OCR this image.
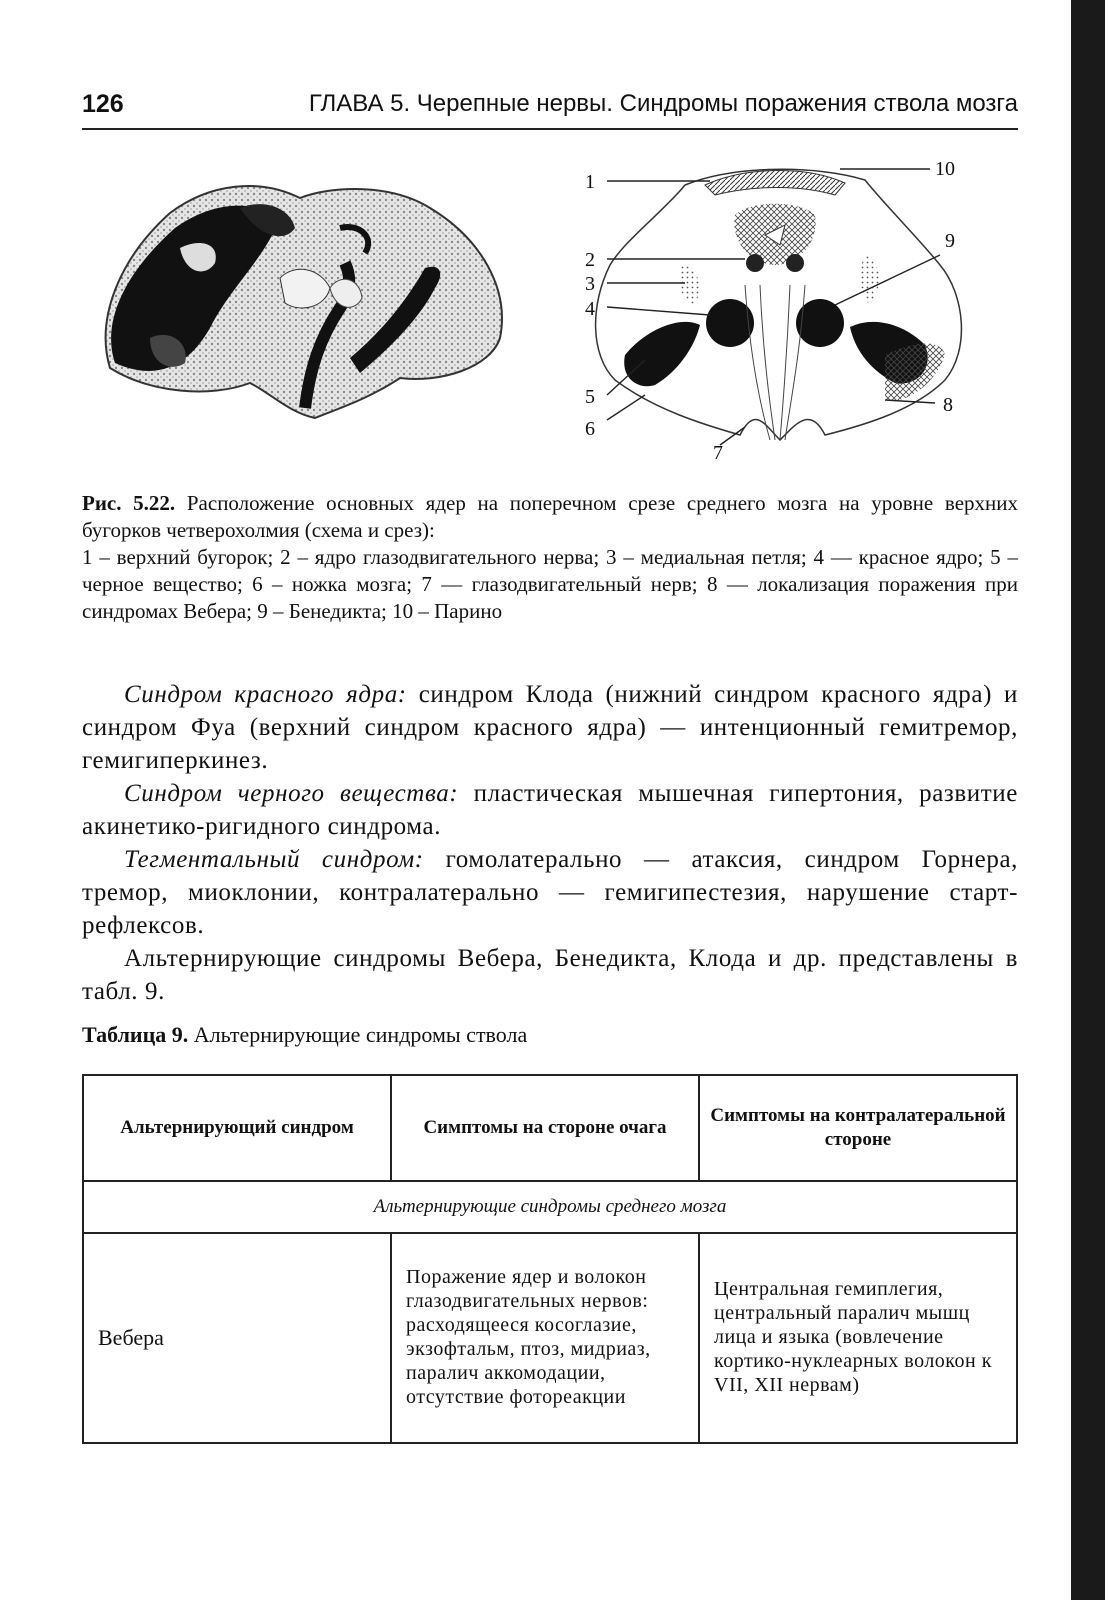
126	ГЛАВА 5. Черепные нервы. Синдромы поражения ствола мозга
1
10
2
3
4
9
5
6
7
8
Рис. 5.22. Расположение основных ядер на поперечном срезе среднего мозга на уровне верхних бугорков четверохолмия (схема и срез):
1 – верхний бугорок; 2 – ядро глазодвигательного нерва; 3 – медиальная петля; 4 — красное ядро; 5 – черное вещество; 6 – ножка мозга; 7 — глазодвигательный нерв; 8 — локализация поражения при синдромах Вебера; 9 – Бенедикта; 10 – Парино

Синдром красного ядра: синдром Клода (нижний синдром красного ядра) и синдром Фуа (верхний синдром красного ядра) — интенционный гемитремор, гемигиперкинез.

Синдром черного вещества: пластическая мышечная гипертония, развитие акинетико-ригидного синдрома.

Тегментальный синдром: гомолатерально — атаксия, синдром Горнера, тремор, миоклонии, контралатерально — гемигипестезия, нарушение старт-рефлексов.

Альтернирующие синдромы Вебера, Бенедикта, Клода и др. представлены в табл. 9.

Таблица 9. Альтернирующие синдромы ствола
Альтернирующий синдром	Симптомы на стороне очага	Симптомы на контралатеральной стороне
Альтернирующие синдромы среднего мозга		
Вебера	Поражение ядер и волокон глазодвигательных нервов: расходящееся косоглазие, экзофтальм, птоз, мидриаз, паралич аккомодации, отсутствие фотореакции	Центральная гемиплегия, центральный паралич мышц лица и языка (вовлечение кортико-нуклеарных волокон к VII, XII нервам)
